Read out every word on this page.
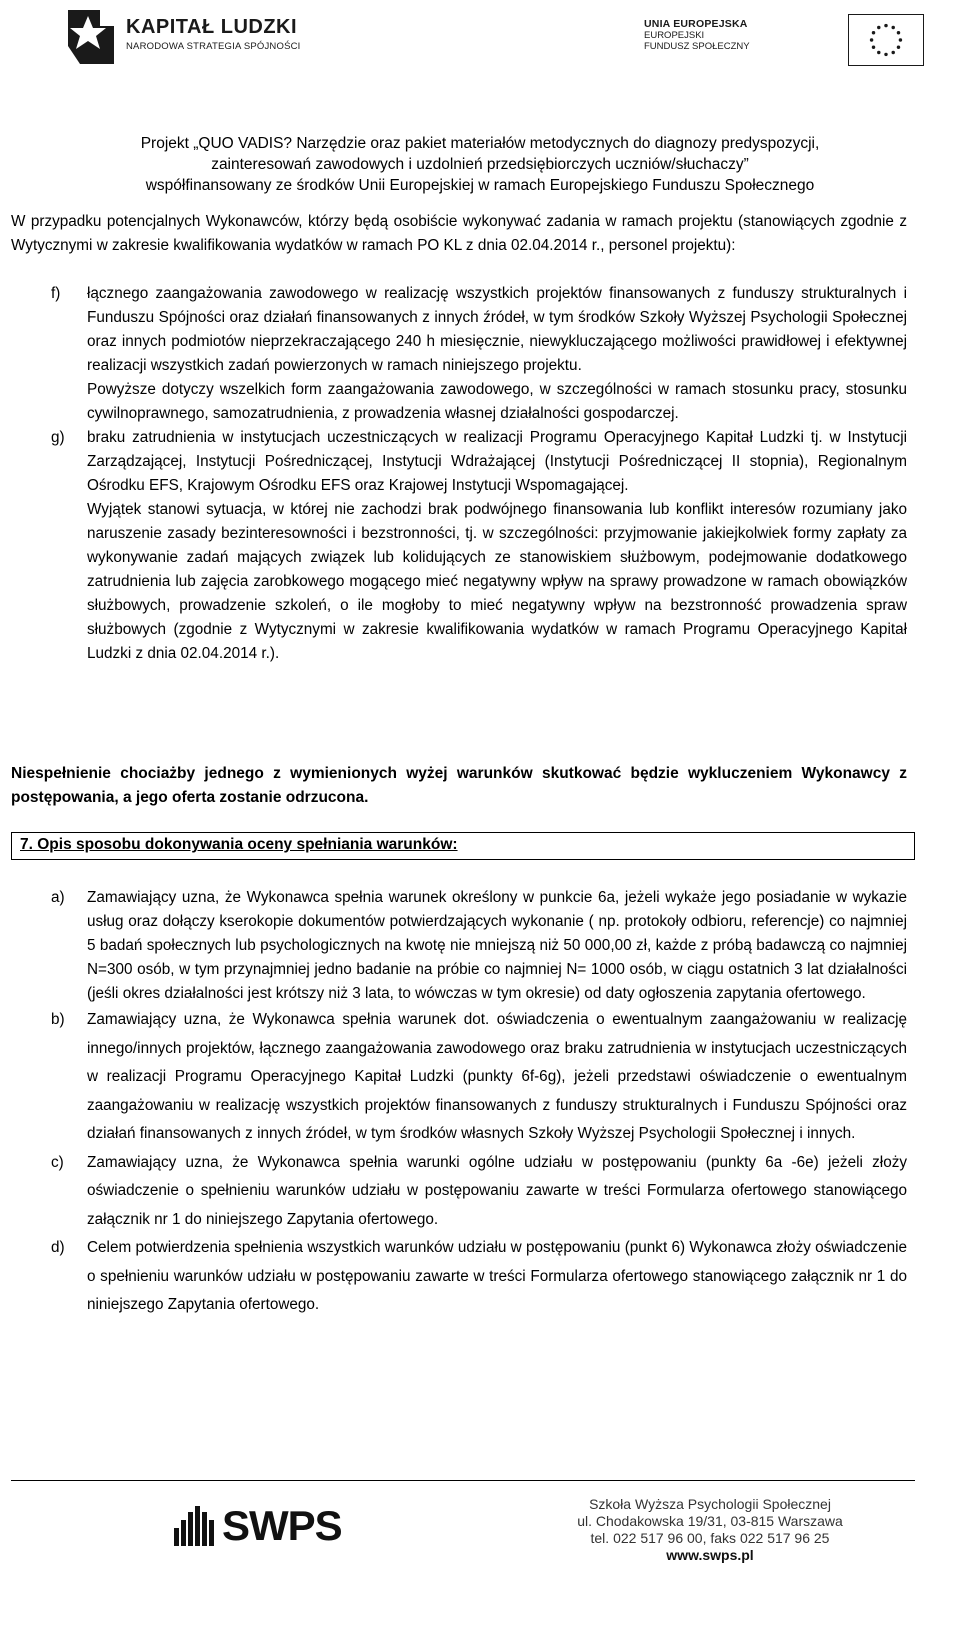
KAPITAŁ LUDZKI
NARODOWA STRATEGIA SPÓJNOŚCI
UNIA EUROPEJSKA
EUROPEJSKI
FUNDUSZ SPOŁECZNY
Projekt „QUO VADIS? Narzędzie oraz pakiet materiałów metodycznych do diagnozy predyspozycji,
zainteresowań zawodowych i uzdolnień przedsiębiorczych uczniów/słuchaczy”
współfinansowany ze środków Unii Europejskiej w ramach Europejskiego Funduszu Społecznego
W przypadku potencjalnych Wykonawców, którzy będą osobiście wykonywać zadania w ramach projektu (stanowiących zgodnie z Wytycznymi w zakresie kwalifikowania wydatków w ramach PO KL z dnia 02.04.2014 r., personel projektu):
f) łącznego zaangażowania zawodowego w realizację wszystkich projektów finansowanych z funduszy strukturalnych i Funduszu Spójności oraz działań finansowanych z innych źródeł, w tym środków Szkoły Wyższej Psychologii Społecznej oraz innych podmiotów nieprzekraczającego 240 h miesięcznie, niewykluczającego możliwości prawidłowej i efektywnej realizacji wszystkich zadań powierzonych w ramach niniejszego projektu.

Powyższe dotyczy wszelkich form zaangażowania zawodowego, w szczególności w ramach stosunku pracy, stosunku cywilnoprawnego, samozatrudnienia, z prowadzenia własnej działalności gospodarczej.

g) braku zatrudnienia w instytucjach uczestniczących w realizacji Programu Operacyjnego Kapitał Ludzki tj. w Instytucji Zarządzającej, Instytucji Pośredniczącej, Instytucji Wdrażającej (Instytucji Pośredniczącej II stopnia), Regionalnym Ośrodku EFS, Krajowym Ośrodku EFS oraz Krajowej Instytucji Wspomagającej.

Wyjątek stanowi sytuacja, w której nie zachodzi brak podwójnego finansowania lub konflikt interesów rozumiany jako naruszenie zasady bezinteresowności i bezstronności, tj. w szczególności: przyjmowanie jakiejkolwiek formy zapłaty za wykonywanie zadań mających związek lub kolidujących ze stanowiskiem służbowym, podejmowanie dodatkowego zatrudnienia lub zajęcia zarobkowego mogącego mieć negatywny wpływ na sprawy prowadzone w ramach obowiązków służbowych, prowadzenie szkoleń, o ile mogłoby to mieć negatywny wpływ na bezstronność prowadzenia spraw służbowych (zgodnie z Wytycznymi w zakresie kwalifikowania wydatków w ramach Programu Operacyjnego Kapitał Ludzki z dnia 02.04.2014 r.).

Niespełnienie chociażby jednego z wymienionych wyżej warunków skutkować będzie wykluczeniem Wykonawcy z postępowania, a jego oferta zostanie odrzucona.
7. Opis sposobu dokonywania oceny spełniania warunków:
a) Zamawiający uzna, że Wykonawca spełnia warunek określony w punkcie 6a, jeżeli wykaże jego posiadanie w wykazie usług oraz dołączy kserokopie dokumentów potwierdzających wykonanie ( np. protokoły odbioru, referencje) co najmniej 5 badań społecznych lub psychologicznych na kwotę nie mniejszą niż 50 000,00 zł, każde z próbą badawczą co najmniej N=300 osób, w tym przynajmniej jedno badanie na próbie co najmniej N= 1000 osób, w ciągu ostatnich 3 lat działalności (jeśli okres działalności jest krótszy niż 3 lata, to wówczas w tym okresie) od daty ogłoszenia zapytania ofertowego.

b) Zamawiający uzna, że Wykonawca spełnia warunek dot. oświadczenia o ewentualnym zaangażowaniu w realizację innego/innych projektów, łącznego zaangażowania zawodowego oraz braku zatrudnienia w instytucjach uczestniczących w realizacji Programu Operacyjnego Kapitał Ludzki (punkty 6f-6g), jeżeli przedstawi oświadczenie o ewentualnym zaangażowaniu w realizację wszystkich projektów finansowanych z funduszy strukturalnych i Funduszu Spójności oraz działań finansowanych z innych źródeł, w tym środków własnych Szkoły Wyższej Psychologii Społecznej i innych.

c) Zamawiający uzna, że Wykonawca spełnia warunki ogólne udziału w postępowaniu (punkty 6a -6e) jeżeli złoży oświadczenie o spełnieniu warunków udziału w postępowaniu zawarte w treści Formularza ofertowego stanowiącego załącznik nr 1 do niniejszego Zapytania ofertowego.

d) Celem potwierdzenia spełnienia wszystkich warunków udziału w postępowaniu (punkt 6) Wykonawca złoży oświadczenie o spełnieniu warunków udziału w postępowaniu zawarte w treści Formularza ofertowego stanowiącego załącznik nr 1 do niniejszego Zapytania ofertowego.

SWPS	Szkoła Wyższa Psychologii Społecznej
ul. Chodakowska 19/31, 03-815 Warszawa
tel. 022 517 96 00, faks 022 517 96 25
www.swps.pl
